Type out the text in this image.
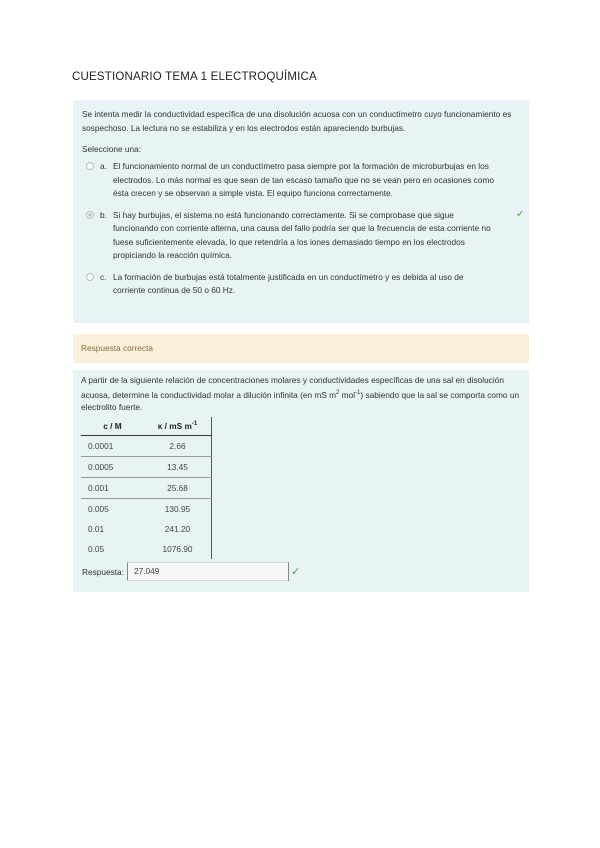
CUESTIONARIO TEMA 1 ELECTROQUÍMICA
Se intenta medir la conductividad específica de una disolución acuosa con un conductímetro cuyo funcionamiento es sospechoso. La lectura no se estabiliza y en los electrodos están apareciendo burbujas.
Seleccione una:
a. El funcionamiento normal de un conductímetro pasa siempre por la formación de microburbujas en los electrodos. Lo más normal es que sean de tan escaso tamaño que no se vean pero en ocasiones como ésta crecen y se observan a simple vista. El equipo funciona correctamente.
b. Si hay burbujas, el sistema no está funcionando correctamente. Si se comprobase que sigue funcionando con corriente alterna, una causa del fallo podría ser que la frecuencia de esta corriente no fuese suficientemente elevada, lo que retendría a los iones demasiado tiempo en los electrodos propiciando la reacción química.
✓
c. La formación de burbujas está totalmente justificada en un conductímetro y es debida al uso de corriente continua de 50 o 60 Hz.
Respuesta correcta
A partir de la siguiente relación de concentraciones molares y conductividades específicas de una sal en disolución acuosa, determine la conductividad molar a dilución infinita (en mS $m^2$ mol$^{-1}$) sabiendo que la sal se comporta como un electrolito fuerte.
c / M	κ / mS $m^{-1}$
0.0001	2.66
0.0005	13.45
0.001	25.68
0.005	130.95
0.01	241.20
0.05	1076.90
Respuesta:	27.049	✓
